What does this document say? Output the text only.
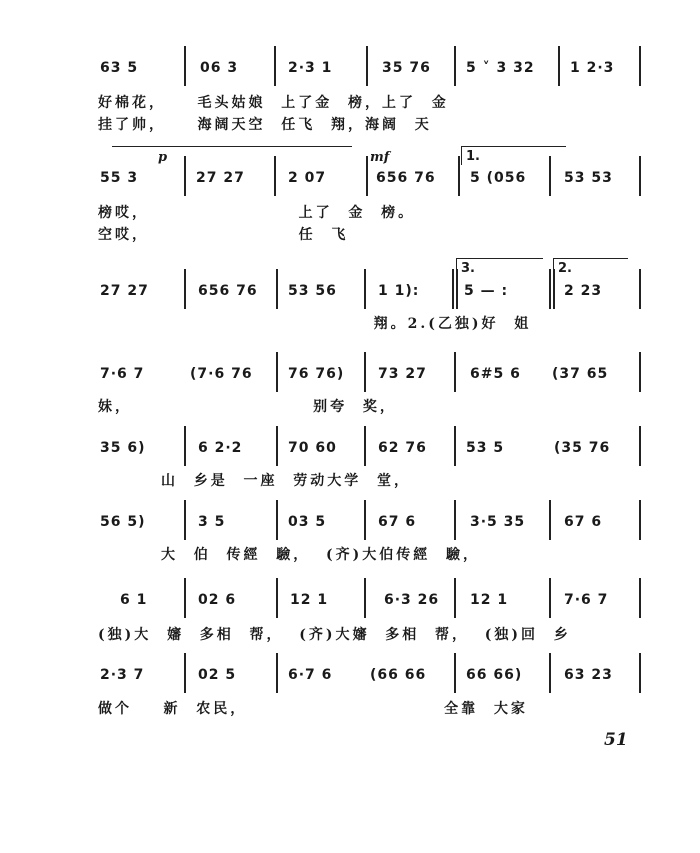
63 5	06 3	2·3 1	35 76	5 ˅ 3 32	1 2·3
好棉花，    毛头姑娘  上了金  榜，上了  金
挂了帅，    海阔天空  任飞  翔，海阔  天
p	mf	1.
55 3	27 27	2 07	656 76 5 (056	53 53
榜哎，                   上了  金  榜。
空哎，                   任  飞
3.	2.
27 27	656 76 53 56	1 1):	5 — :	2 23
翔。2.(乙独)好  姐
7·6 7	(7·6 76	76 76) 73 27	6#5 6 (37 65
妹，                       别夸  奖，
35 6)	6 2·2	70 60	62 76	53 5	(35 76
山  乡是  一座  劳动大学  堂，
56 5)	3 5	03 5	67 6	3·5 35	67 6
大  伯  传經  驗，  (齐)大伯传經  驗，
6 1	02 6	12 1	6·3 26 12 1	7·6 7
(独)大  嬸  多相  帮，  (齐)大嬸  多相  帮，  (独)回  乡
2·3 7	02 5	6·7 6	(66 66	66 66)	63 23
做个    新  农民，                         全靠  大家
51
